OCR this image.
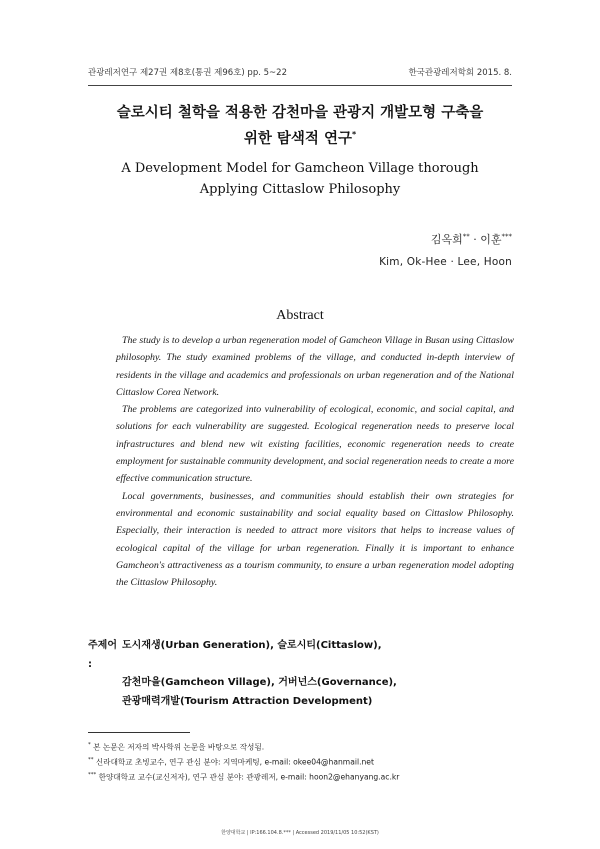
관광레저연구 제27권 제8호(통권 제96호) pp. 5~22	한국관광레저학회 2015. 8.
슬로시티 철학을 적용한 감천마을 관광지 개발모형 구축을
위한 탐색적 연구*
A Development Model for Gamcheon Village thorough
Applying Cittaslow Philosophy
김옥희** · 이훈***
Kim, Ok-Hee · Lee, Hoon
Abstract

The study is to develop a urban regeneration model of Gamcheon Village in Busan using Cittaslow philosophy. The study examined problems of the village, and conducted in-depth interview of residents in the village and academics and professionals on urban regeneration and of the National Cittaslow Corea Network.

The problems are categorized into vulnerability of ecological, economic, and social capital, and solutions for each vulnerability are suggested. Ecological regeneration needs to preserve local infrastructures and blend new wit existing facilities, economic regeneration needs to create employment for sustainable community development, and social regeneration needs to create a more effective communication structure.

Local governments, businesses, and communities should establish their own strategies for environmental and economic sustainability and social equality based on Cittaslow Philosophy. Especially, their interaction is needed to attract more visitors that helps to increase values of ecological capital of the village for urban regeneration. Finally it is important to enhance Gamcheon's attractiveness as a tourism community, to ensure a urban regeneration model adopting the Cittaslow Philosophy.

주제어 :
도시재생(Urban Generation), 슬로시티(Cittaslow),
감천마을(Gamcheon Village), 거버넌스(Governance),
관광매력개발(Tourism Attraction Development)
* 본 논문은 저자의 박사학위 논문을 바탕으로 작성됨.
** 신라대학교 초빙교수, 연구 관심 분야: 지역마케팅, e-mail: okee04@hanmail.net
*** 한양대학교 교수(교신저자), 연구 관심 분야: 관광레저, e-mail: hoon2@ehanyang.ac.kr
한양대학교 | IP:166.104.8.*** | Accessed 2019/11/05 10:52(KST)
